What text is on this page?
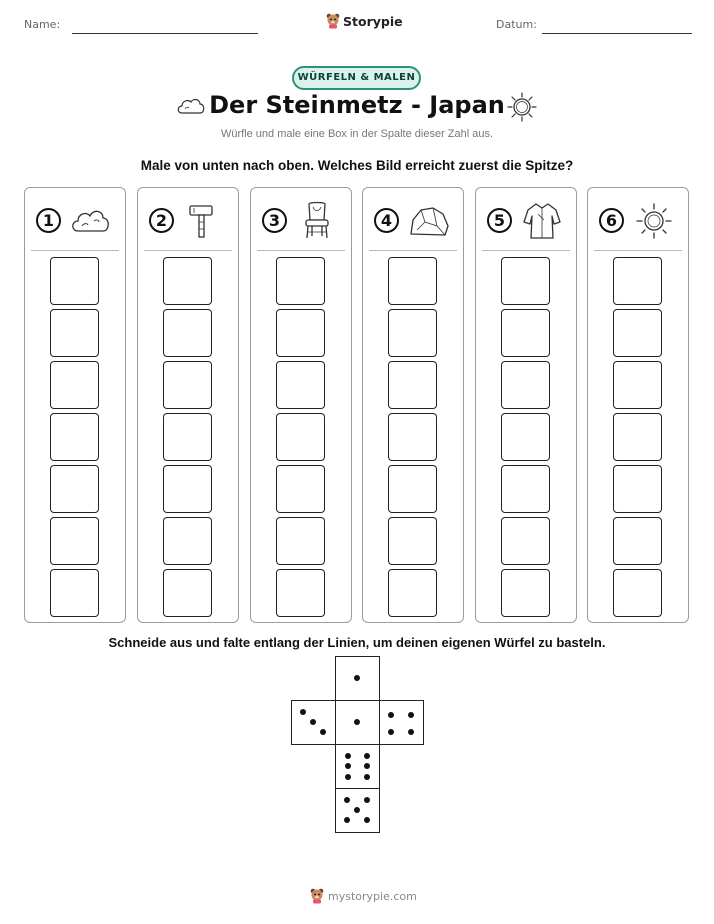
Name:	Storypie	Datum:
WÜRFELN & MALEN
Der Steinmetz - Japan
Würfle und male eine Box in der Spalte dieser Zahl aus.
Male von unten nach oben. Welches Bild erreicht zuerst die Spitze?
1	2	3	4	5	6
Schneide aus und falte entlang der Linien, um deinen eigenen Würfel zu basteln.
mystorypie.com
